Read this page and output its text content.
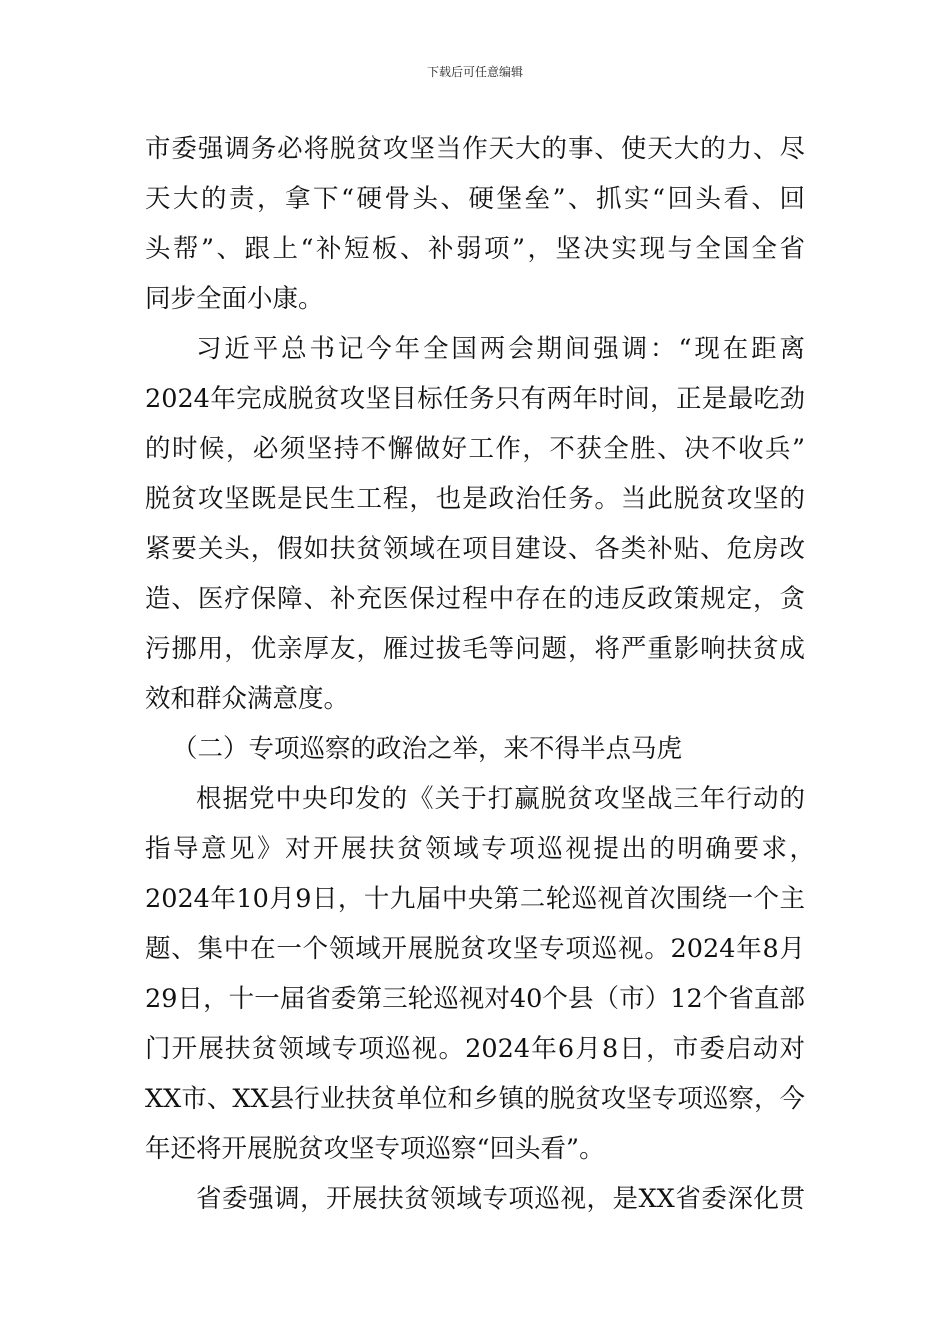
下载后可任意编辑
市委强调务必将脱贫攻坚当作天大的事、使天大的力、尽
天大的责，拿下“硬骨头、硬堡垒”、抓实“回头看、回
头帮”、跟上“补短板、补弱项”，坚决实现与全国全省
同步全面小康。
习近平总书记今年全国两会期间强调：“现在距离
2024年完成脱贫攻坚目标任务只有两年时间，正是最吃劲
的时候，必须坚持不懈做好工作，不获全胜、决不收兵”
脱贫攻坚既是民生工程，也是政治任务。当此脱贫攻坚的
紧要关头，假如扶贫领域在项目建设、各类补贴、危房改
造、医疗保障、补充医保过程中存在的违反政策规定，贪
污挪用，优亲厚友，雁过拔毛等问题，将严重影响扶贫成
效和群众满意度。
（二）专项巡察的政治之举，来不得半点马虎
根据党中央印发的《关于打赢脱贫攻坚战三年行动的
指导意见》对开展扶贫领域专项巡视提出的明确要求，
2024年10月9日，十九届中央第二轮巡视首次围绕一个主
题、集中在一个领域开展脱贫攻坚专项巡视。2024年8月
29日，十一届省委第三轮巡视对40个县（市）12个省直部
门开展扶贫领域专项巡视。2024年6月8日，市委启动对
XX市、XX县行业扶贫单位和乡镇的脱贫攻坚专项巡察，今
年还将开展脱贫攻坚专项巡察“回头看”。
省委强调，开展扶贫领域专项巡视，是XX省委深化贯
